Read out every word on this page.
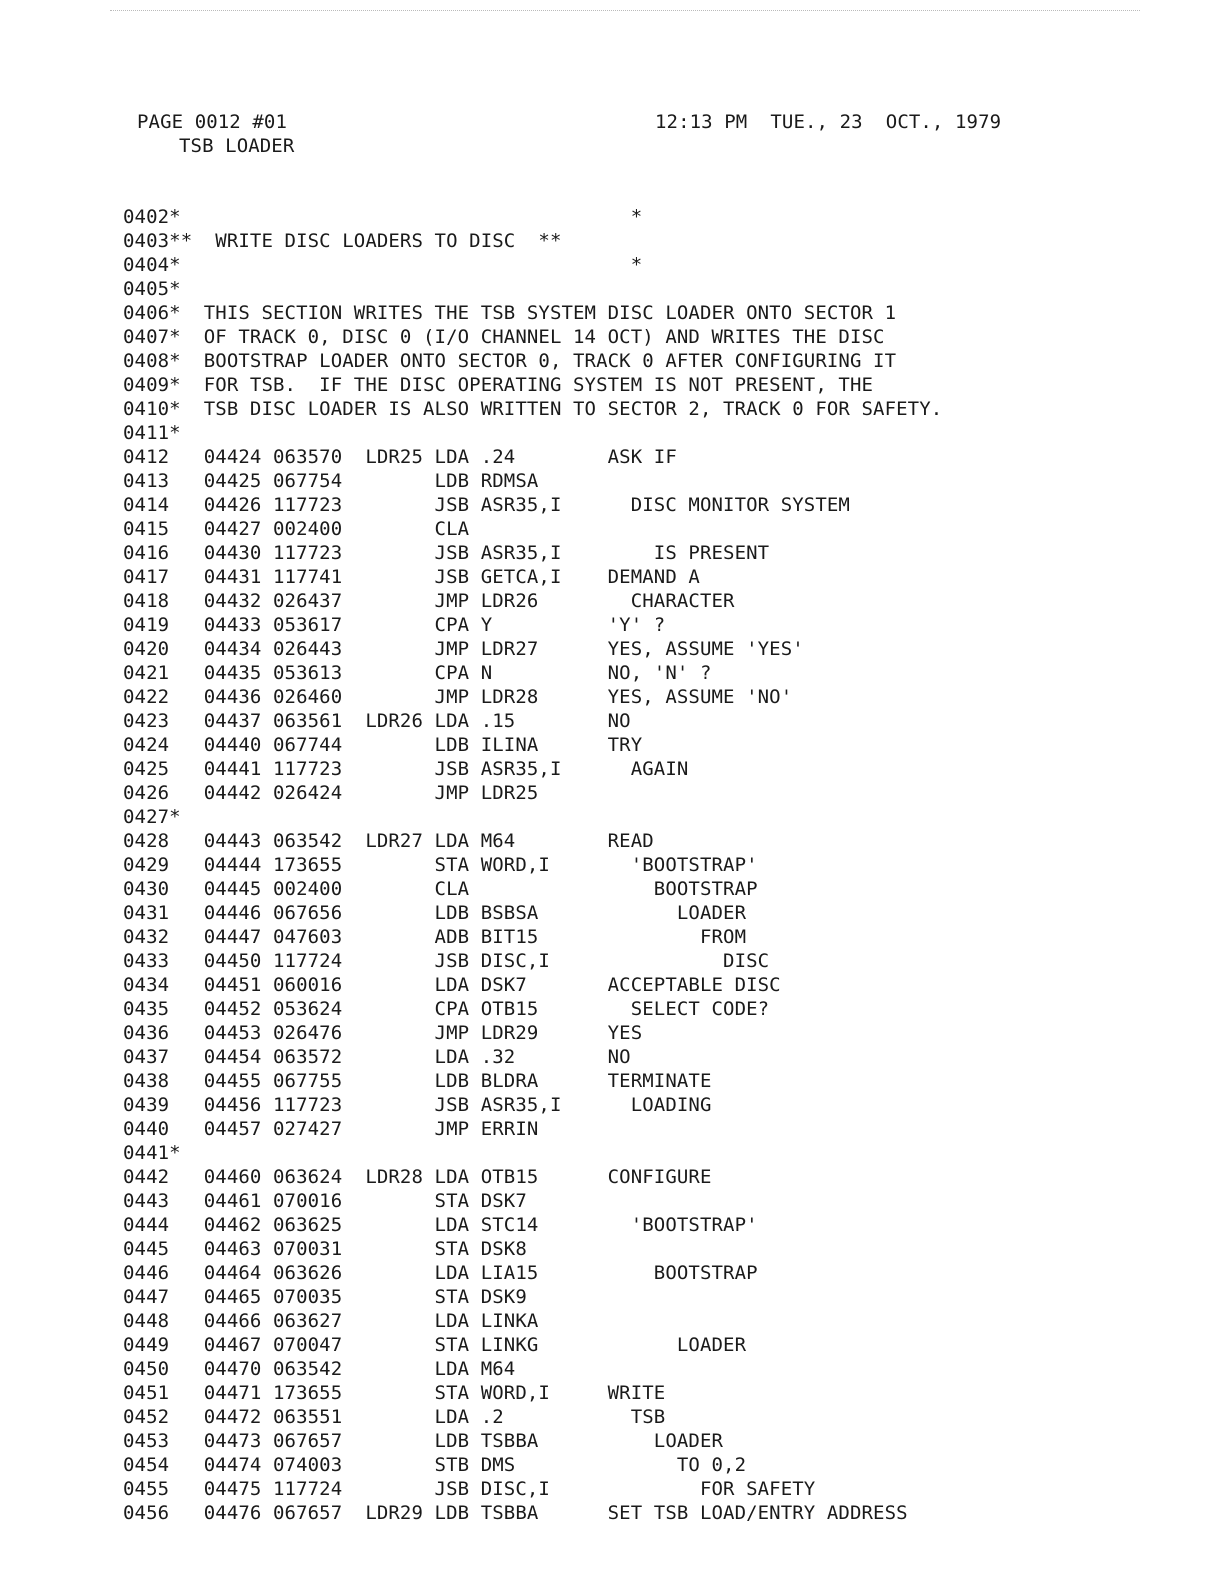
PAGE 0012 #01
TSB LOADER
12:13 PM  TUE., 23  OCT., 1979
0402*                                       *
0403**  WRITE DISC LOADERS TO DISC  **
0404*                                       *
0405*
0406*  THIS SECTION WRITES THE TSB SYSTEM DISC LOADER ONTO SECTOR 1
0407*  OF TRACK 0, DISC 0 (I/O CHANNEL 14 OCT) AND WRITES THE DISC
0408*  BOOTSTRAP LOADER ONTO SECTOR 0, TRACK 0 AFTER CONFIGURING IT
0409*  FOR TSB.  IF THE DISC OPERATING SYSTEM IS NOT PRESENT, THE
0410*  TSB DISC LOADER IS ALSO WRITTEN TO SECTOR 2, TRACK 0 FOR SAFETY.
0411*
0412   04424 063570  LDR25 LDA .24        ASK IF
0413   04425 067754        LDB RDMSA
0414   04426 117723        JSB ASR35,I      DISC MONITOR SYSTEM
0415   04427 002400        CLA
0416   04430 117723        JSB ASR35,I        IS PRESENT
0417   04431 117741        JSB GETCA,I    DEMAND A
0418   04432 026437        JMP LDR26        CHARACTER
0419   04433 053617        CPA Y          'Y' ?
0420   04434 026443        JMP LDR27      YES, ASSUME 'YES'
0421   04435 053613        CPA N          NO, 'N' ?
0422   04436 026460        JMP LDR28      YES, ASSUME 'NO'
0423   04437 063561  LDR26 LDA .15        NO
0424   04440 067744        LDB ILINA      TRY
0425   04441 117723        JSB ASR35,I      AGAIN
0426   04442 026424        JMP LDR25
0427*
0428   04443 063542  LDR27 LDA M64        READ
0429   04444 173655        STA WORD,I       'BOOTSTRAP'
0430   04445 002400        CLA                BOOTSTRAP
0431   04446 067656        LDB BSBSA            LOADER
0432   04447 047603        ADB BIT15              FROM
0433   04450 117724        JSB DISC,I               DISC
0434   04451 060016        LDA DSK7       ACCEPTABLE DISC
0435   04452 053624        CPA OTB15        SELECT CODE?
0436   04453 026476        JMP LDR29      YES
0437   04454 063572        LDA .32        NO
0438   04455 067755        LDB BLDRA      TERMINATE
0439   04456 117723        JSB ASR35,I      LOADING
0440   04457 027427        JMP ERRIN
0441*
0442   04460 063624  LDR28 LDA OTB15      CONFIGURE
0443   04461 070016        STA DSK7
0444   04462 063625        LDA STC14        'BOOTSTRAP'
0445   04463 070031        STA DSK8
0446   04464 063626        LDA LIA15          BOOTSTRAP
0447   04465 070035        STA DSK9
0448   04466 063627        LDA LINKA
0449   04467 070047        STA LINKG            LOADER
0450   04470 063542        LDA M64
0451   04471 173655        STA WORD,I     WRITE
0452   04472 063551        LDA .2           TSB
0453   04473 067657        LDB TSBBA          LOADER
0454   04474 074003        STB DMS              TO 0,2
0455   04475 117724        JSB DISC,I             FOR SAFETY
0456   04476 067657  LDR29 LDB TSBBA      SET TSB LOAD/ENTRY ADDRESS
